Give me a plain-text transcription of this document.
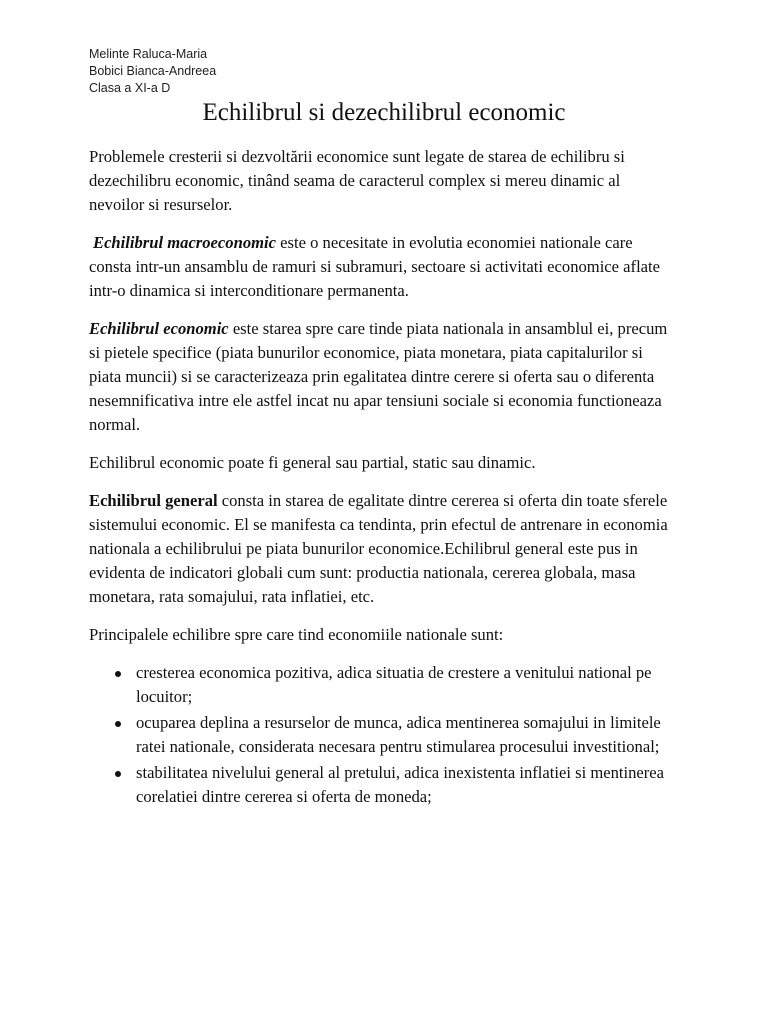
Melinte Raluca-Maria
Bobici Bianca-Andreea
Clasa a XI-a D
Echilibrul si dezechilibrul economic

Problemele cresterii si dezvoltării economice sunt legate de starea de echilibru si dezechilibru economic, tinând seama de caracterul complex si mereu dinamic al nevoilor si resurselor.

Echilibrul macroeconomic este o necesitate in evolutia economiei nationale care consta intr-un ansamblu de ramuri si subramuri, sectoare si activitati economice aflate intr-o dinamica si interconditionare permanenta.

Echilibrul economic este starea spre care tinde piata nationala in ansamblul ei, precum si pietele specifice (piata bunurilor economice, piata monetara, piata capitalurilor si piata muncii) si se caracterizeaza prin egalitatea dintre cerere si oferta sau o diferenta nesemnificativa intre ele astfel incat nu apar tensiuni sociale si economia functioneaza normal.

Echilibrul economic poate fi general sau partial, static sau dinamic.

Echilibrul general consta in starea de egalitate dintre cererea si oferta din toate sferele sistemului economic. El se manifesta ca tendinta, prin efectul de antrenare in economia nationala a echilibrului pe piata bunurilor economice.Echilibrul general este pus in evidenta de indicatori globali cum sunt: productia nationala, cererea globala, masa monetara, rata somajului, rata inflatiei, etc.

Principalele echilibre spre care tind economiile nationale sunt:

cresterea economica pozitiva, adica situatia de crestere a venitului national pe locuitor;
ocuparea deplina a resurselor de munca, adica mentinerea somajului in limitele ratei nationale, considerata necesara pentru stimularea procesului investitional;
stabilitatea nivelului general al pretului, adica inexistenta inflatiei si mentinerea corelatiei dintre cererea si oferta de moneda;
